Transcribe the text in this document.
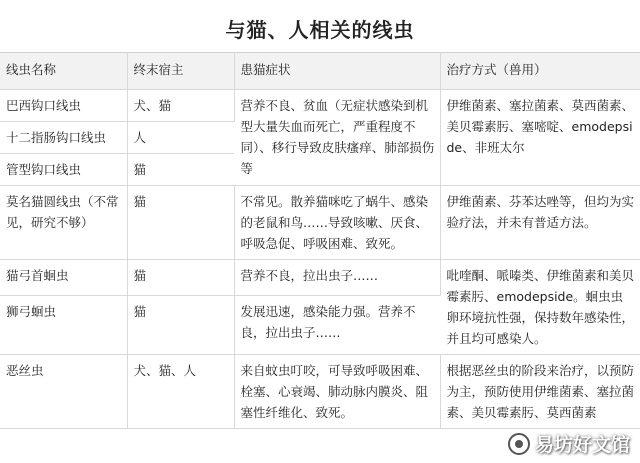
与猫、人相关的线虫
线虫名称	终末宿主	患猫症状	治疗方式（兽用）
巴西钩口线虫	犬、猫	营养不良、贫血（无症状感染到机型大量失血而死亡，严重程度不同）、移行导致皮肤瘙痒、肺部损伤等	伊维菌素、塞拉菌素、莫西菌素、美贝霉素肟、塞嘧啶、emodepside、非班太尔
十二指肠钩口线虫	人		
管型钩口线虫	猫		
莫名猫圆线虫（不常见，研究不够）	猫	不常见。散养猫咪吃了蜗牛、感染的老鼠和鸟……导致咳嗽、厌食、呼吸急促、呼吸困难、致死。	伊维菌素、芬苯达唑等，但均为实验疗法，并未有普适方法。
猫弓首蛔虫	猫	营养不良，拉出虫子……	吡喹酮、哌嗪类、伊维菌素和美贝霉素肟、emodepside。蛔虫虫卵环境抗性强，保持数年感染性，并且均可感染人。
狮弓蛔虫	猫	发展迅速，感染能力强。营养不良，拉出虫子……	
恶丝虫	犬、猫、人	来自蚊虫叮咬，可导致呼吸困难、栓塞、心衰竭、肺动脉内膜炎、阻塞性纤维化、致死。	根据恶丝虫的阶段来治疗，以预防为主，预防使用伊维菌素、塞拉菌素、美贝霉素肟、莫西菌素
易坊好文馆
